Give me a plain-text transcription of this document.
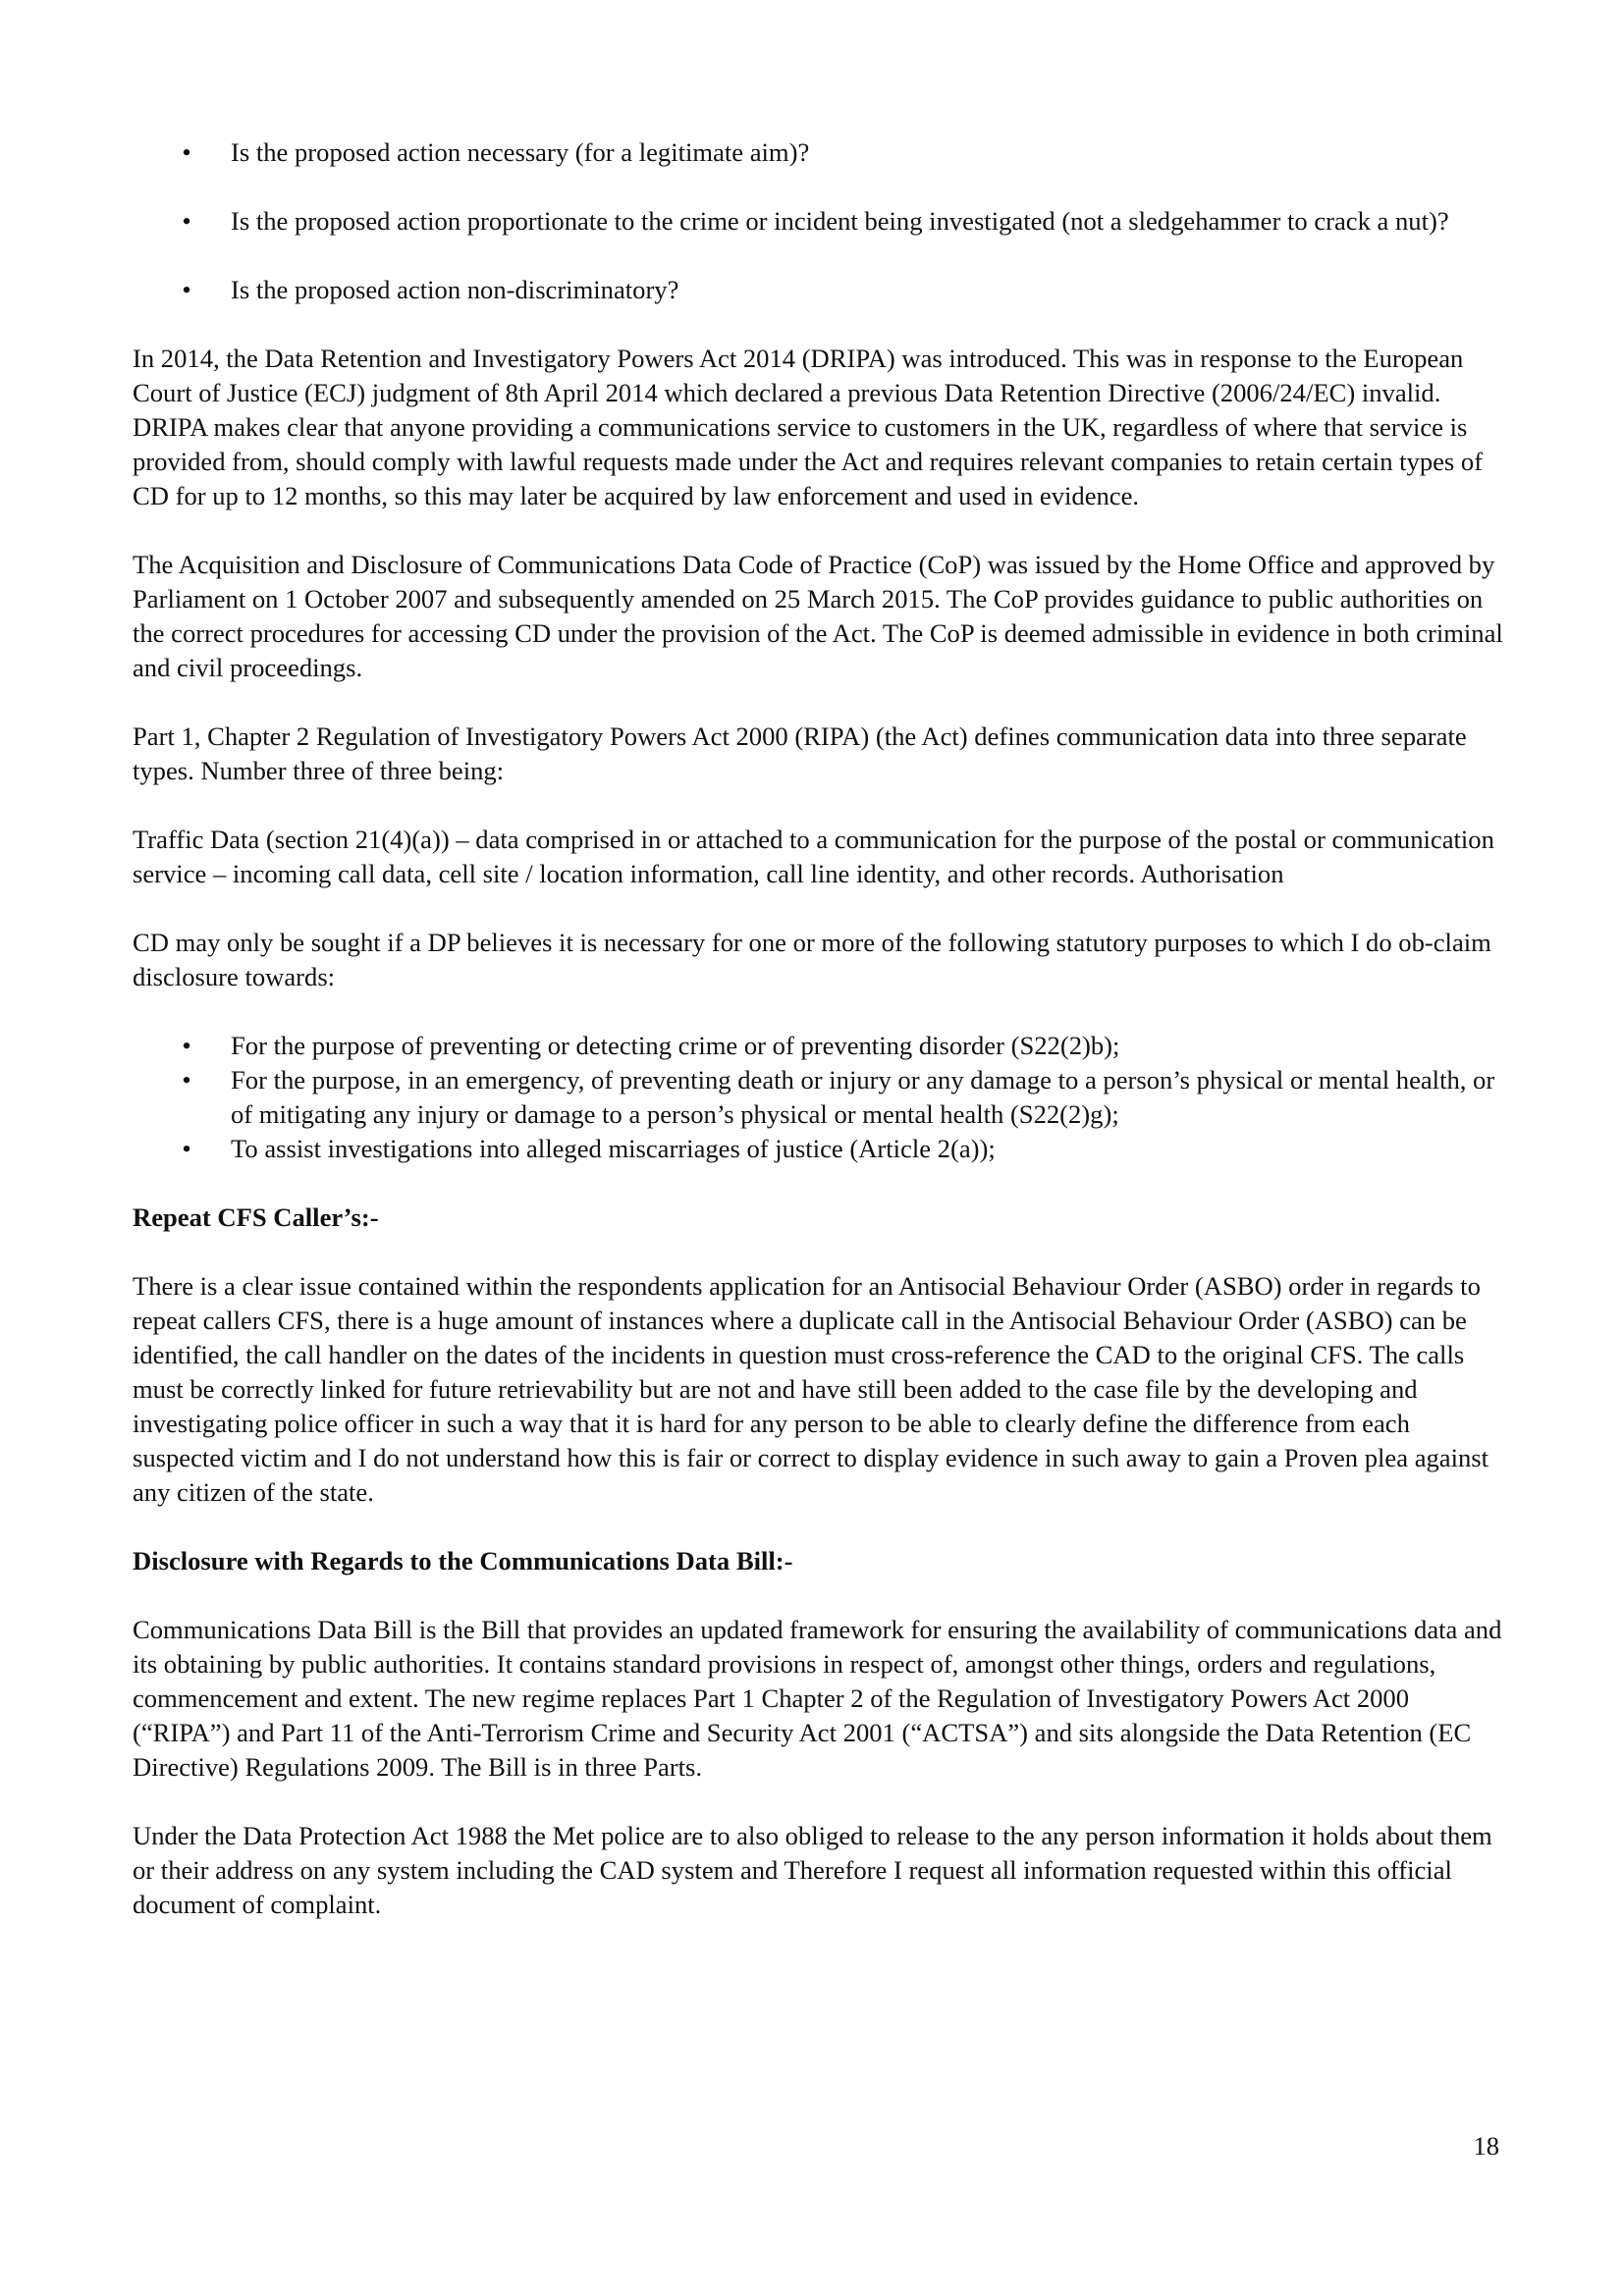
• Is the proposed action necessary (for a legitimate aim)?
• Is the proposed action proportionate to the crime or incident being investigated (not a sledgehammer to crack a nut)?
• Is the proposed action non-discriminatory?

In 2014, the Data Retention and Investigatory Powers Act 2014 (DRIPA) was introduced. This was in response to the European Court of Justice (ECJ) judgment of 8th April 2014 which declared a previous Data Retention Directive (2006/24/EC) invalid. DRIPA makes clear that anyone providing a communications service to customers in the UK, regardless of where that service is provided from, should comply with lawful requests made under the Act and requires relevant companies to retain certain types of CD for up to 12 months, so this may later be acquired by law enforcement and used in evidence.

The Acquisition and Disclosure of Communications Data Code of Practice (CoP) was issued by the Home Office and approved by Parliament on 1 October 2007 and subsequently amended on 25 March 2015. The CoP provides guidance to public authorities on the correct procedures for accessing CD under the provision of the Act. The CoP is deemed admissible in evidence in both criminal and civil proceedings.

Part 1, Chapter 2 Regulation of Investigatory Powers Act 2000 (RIPA) (the Act) defines communication data into three separate types. Number three of three being:

Traffic Data (section 21(4)(a)) – data comprised in or attached to a communication for the purpose of the postal or communication service – incoming call data, cell site / location information, call line identity, and other records. Authorisation

CD may only be sought if a DP believes it is necessary for one or more of the following statutory purposes to which I do ob-claim disclosure towards:

• For the purpose of preventing or detecting crime or of preventing disorder (S22(2)b);
• For the purpose, in an emergency, of preventing death or injury or any damage to a person’s physical or mental health, or of mitigating any injury or damage to a person’s physical or mental health (S22(2)g);
• To assist investigations into alleged miscarriages of justice (Article 2(a));

Repeat CFS Caller’s:-

There is a clear issue contained within the respondents application for an Antisocial Behaviour Order (ASBO) order in regards to repeat callers CFS, there is a huge amount of instances where a duplicate call in the Antisocial Behaviour Order (ASBO) can be identified, the call handler on the dates of the incidents in question must cross-reference the CAD to the original CFS. The calls must be correctly linked for future retrievability but are not and have still been added to the case file by the developing and investigating police officer in such a way that it is hard for any person to be able to clearly define the difference from each suspected victim and I do not understand how this is fair or correct to display evidence in such away to gain a Proven plea against any citizen of the state.

Disclosure with Regards to the Communications Data Bill:-

Communications Data Bill is the Bill that provides an updated framework for ensuring the availability of communications data and its obtaining by public authorities. It contains standard provisions in respect of, amongst other things, orders and regulations, commencement and extent. The new regime replaces Part 1 Chapter 2 of the Regulation of Investigatory Powers Act 2000 (“RIPA”) and Part 11 of the Anti-Terrorism Crime and Security Act 2001 (“ACTSA”) and sits alongside the Data Retention (EC Directive) Regulations 2009. The Bill is in three Parts.

Under the Data Protection Act 1988 the Met police are to also obliged to release to the any person information it holds about them or their address on any system including the CAD system and Therefore I request all information requested within this official document of complaint.

18
